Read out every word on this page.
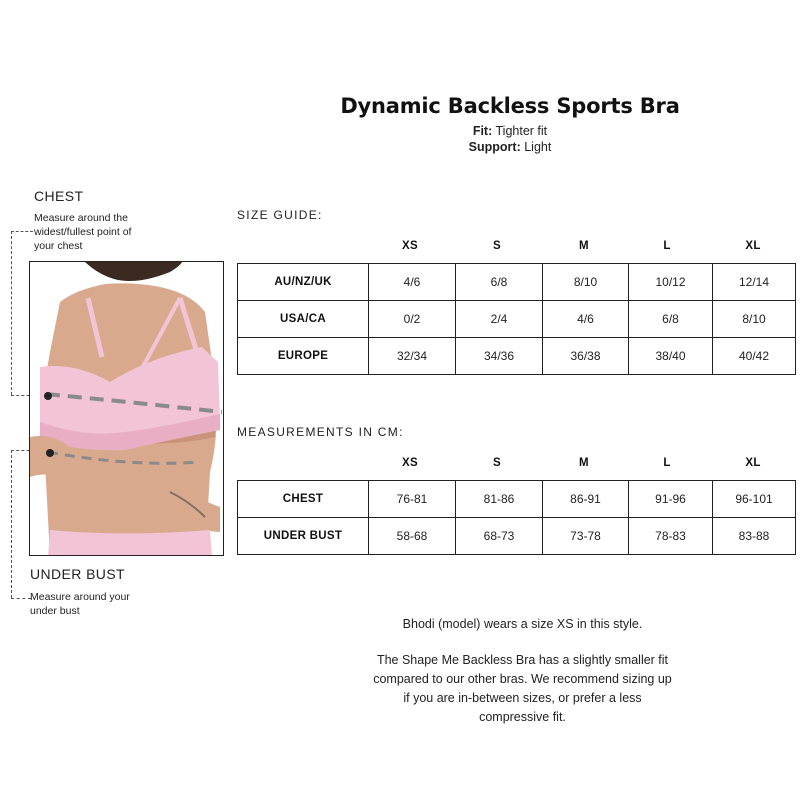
Dynamic Backless Sports Bra
Fit: Tighter fit
Support: Light
CHEST
Measure around the widest/fullest point of your chest
UNDER BUST
Measure around your under bust
SIZE GUIDE:
XS	S	M	L	XL
AU/NZ/UK	4/6	6/8	8/10	10/12	12/14
USA/CA	0/2	2/4	4/6	6/8	8/10
EUROPE	32/34	34/36	36/38	38/40	40/42
MEASUREMENTS IN CM:
XS	S	M	L	XL
CHEST	76-81	81-86	86-91	91-96	96-101
UNDER BUST	58-68	68-73	73-78	78-83	83-88
Bhodi (model) wears a size XS in this style.
The Shape Me Backless Bra has a slightly smaller fit compared to our other bras. We recommend sizing up if you are in-between sizes, or prefer a less compressive fit.
